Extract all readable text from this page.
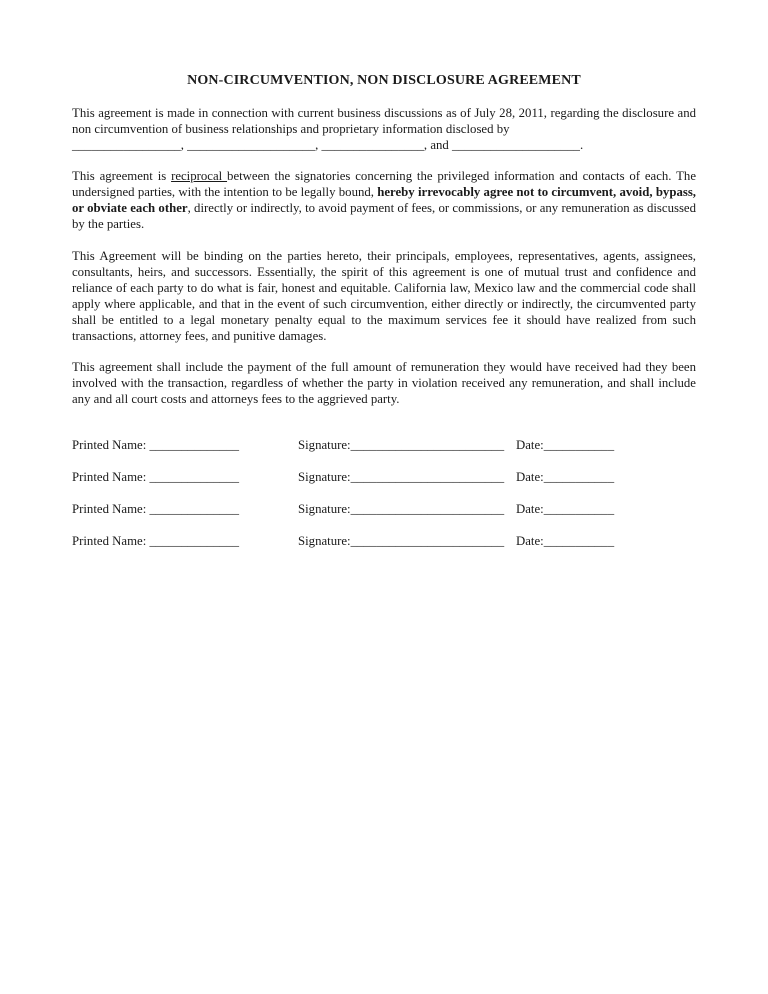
NON-CIRCUMVENTION, NON DISCLOSURE AGREEMENT
This agreement is made in connection with current business discussions as of July 28, 2011, regarding the disclosure and non circumvention of business relationships and proprietary information disclosed by
_________________, ____________________, ________________, and ____________________.
This agreement is reciprocal between the signatories concerning the privileged information and contacts of each. The undersigned parties, with the intention to be legally bound, hereby irrevocably agree not to circumvent, avoid, bypass, or obviate each other, directly or indirectly, to avoid payment of fees, or commissions, or any remuneration as discussed by the parties.
This Agreement will be binding on the parties hereto, their principals, employees, representatives, agents, assignees, consultants, heirs, and successors. Essentially, the spirit of this agreement is one of mutual trust and confidence and reliance of each party to do what is fair, honest and equitable. California law, Mexico law and the commercial code shall apply where applicable, and that in the event of such circumvention, either directly or indirectly, the circumvented party shall be entitled to a legal monetary penalty equal to the maximum services fee it should have realized from such transactions, attorney fees, and punitive damages.
This agreement shall include the payment of the full amount of remuneration they would have received had they been involved with the transaction, regardless of whether the party in violation received any remuneration, and shall include any and all court costs and attorneys fees to the aggrieved party.
Printed Name: ______________	Signature:________________________ Date:___________
Printed Name: ______________	Signature:________________________ Date:___________
Printed Name: ______________	Signature:________________________ Date:___________
Printed Name: ______________	Signature:________________________ Date:___________
